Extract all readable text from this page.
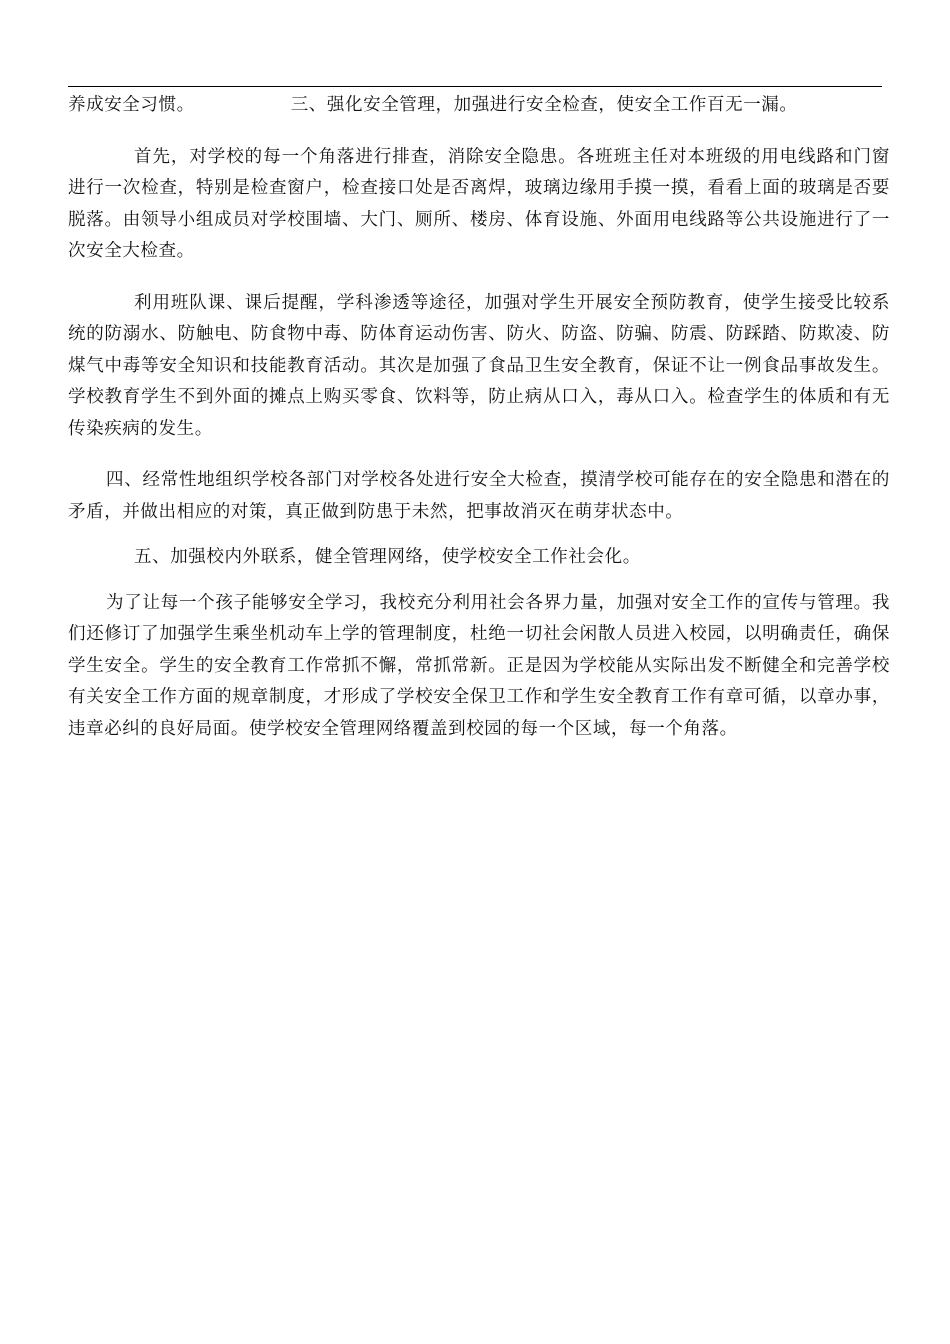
养成安全习惯。	三、强化安全管理，加强进行安全检查，使安全工作百无一漏。

首先，对学校的每一个角落进行排查，消除安全隐患。各班班主任对本班级的用电线路和门窗进行一次检查，特别是检查窗户，检查接口处是否离焊，玻璃边缘用手摸一摸，看看上面的玻璃是否要脱落。由领导小组成员对学校围墙、大门、厕所、楼房、体育设施、外面用电线路等公共设施进行了一次安全大检查。

利用班队课、课后提醒，学科渗透等途径，加强对学生开展安全预防教育，使学生接受比较系统的防溺水、防触电、防食物中毒、防体育运动伤害、防火、防盗、防骗、防震、防踩踏、防欺凌、防煤气中毒等安全知识和技能教育活动。其次是加强了食品卫生安全教育，保证不让一例食品事故发生。学校教育学生不到外面的摊点上购买零食、饮料等，防止病从口入，毒从口入。检查学生的体质和有无传染疾病的发生。

四、经常性地组织学校各部门对学校各处进行安全大检查，摸清学校可能存在的安全隐患和潜在的矛盾，并做出相应的对策，真正做到防患于未然，把事故消灭在萌芽状态中。

五、加强校内外联系，健全管理网络，使学校安全工作社会化。

为了让每一个孩子能够安全学习，我校充分利用社会各界力量，加强对安全工作的宣传与管理。我们还修订了加强学生乘坐机动车上学的管理制度，杜绝一切社会闲散人员进入校园，以明确责任，确保学生安全。学生的安全教育工作常抓不懈，常抓常新。正是因为学校能从实际出发不断健全和完善学校有关安全工作方面的规章制度，才形成了学校安全保卫工作和学生安全教育工作有章可循，以章办事，违章必纠的良好局面。使学校安全管理网络覆盖到校园的每一个区域，每一个角落。
